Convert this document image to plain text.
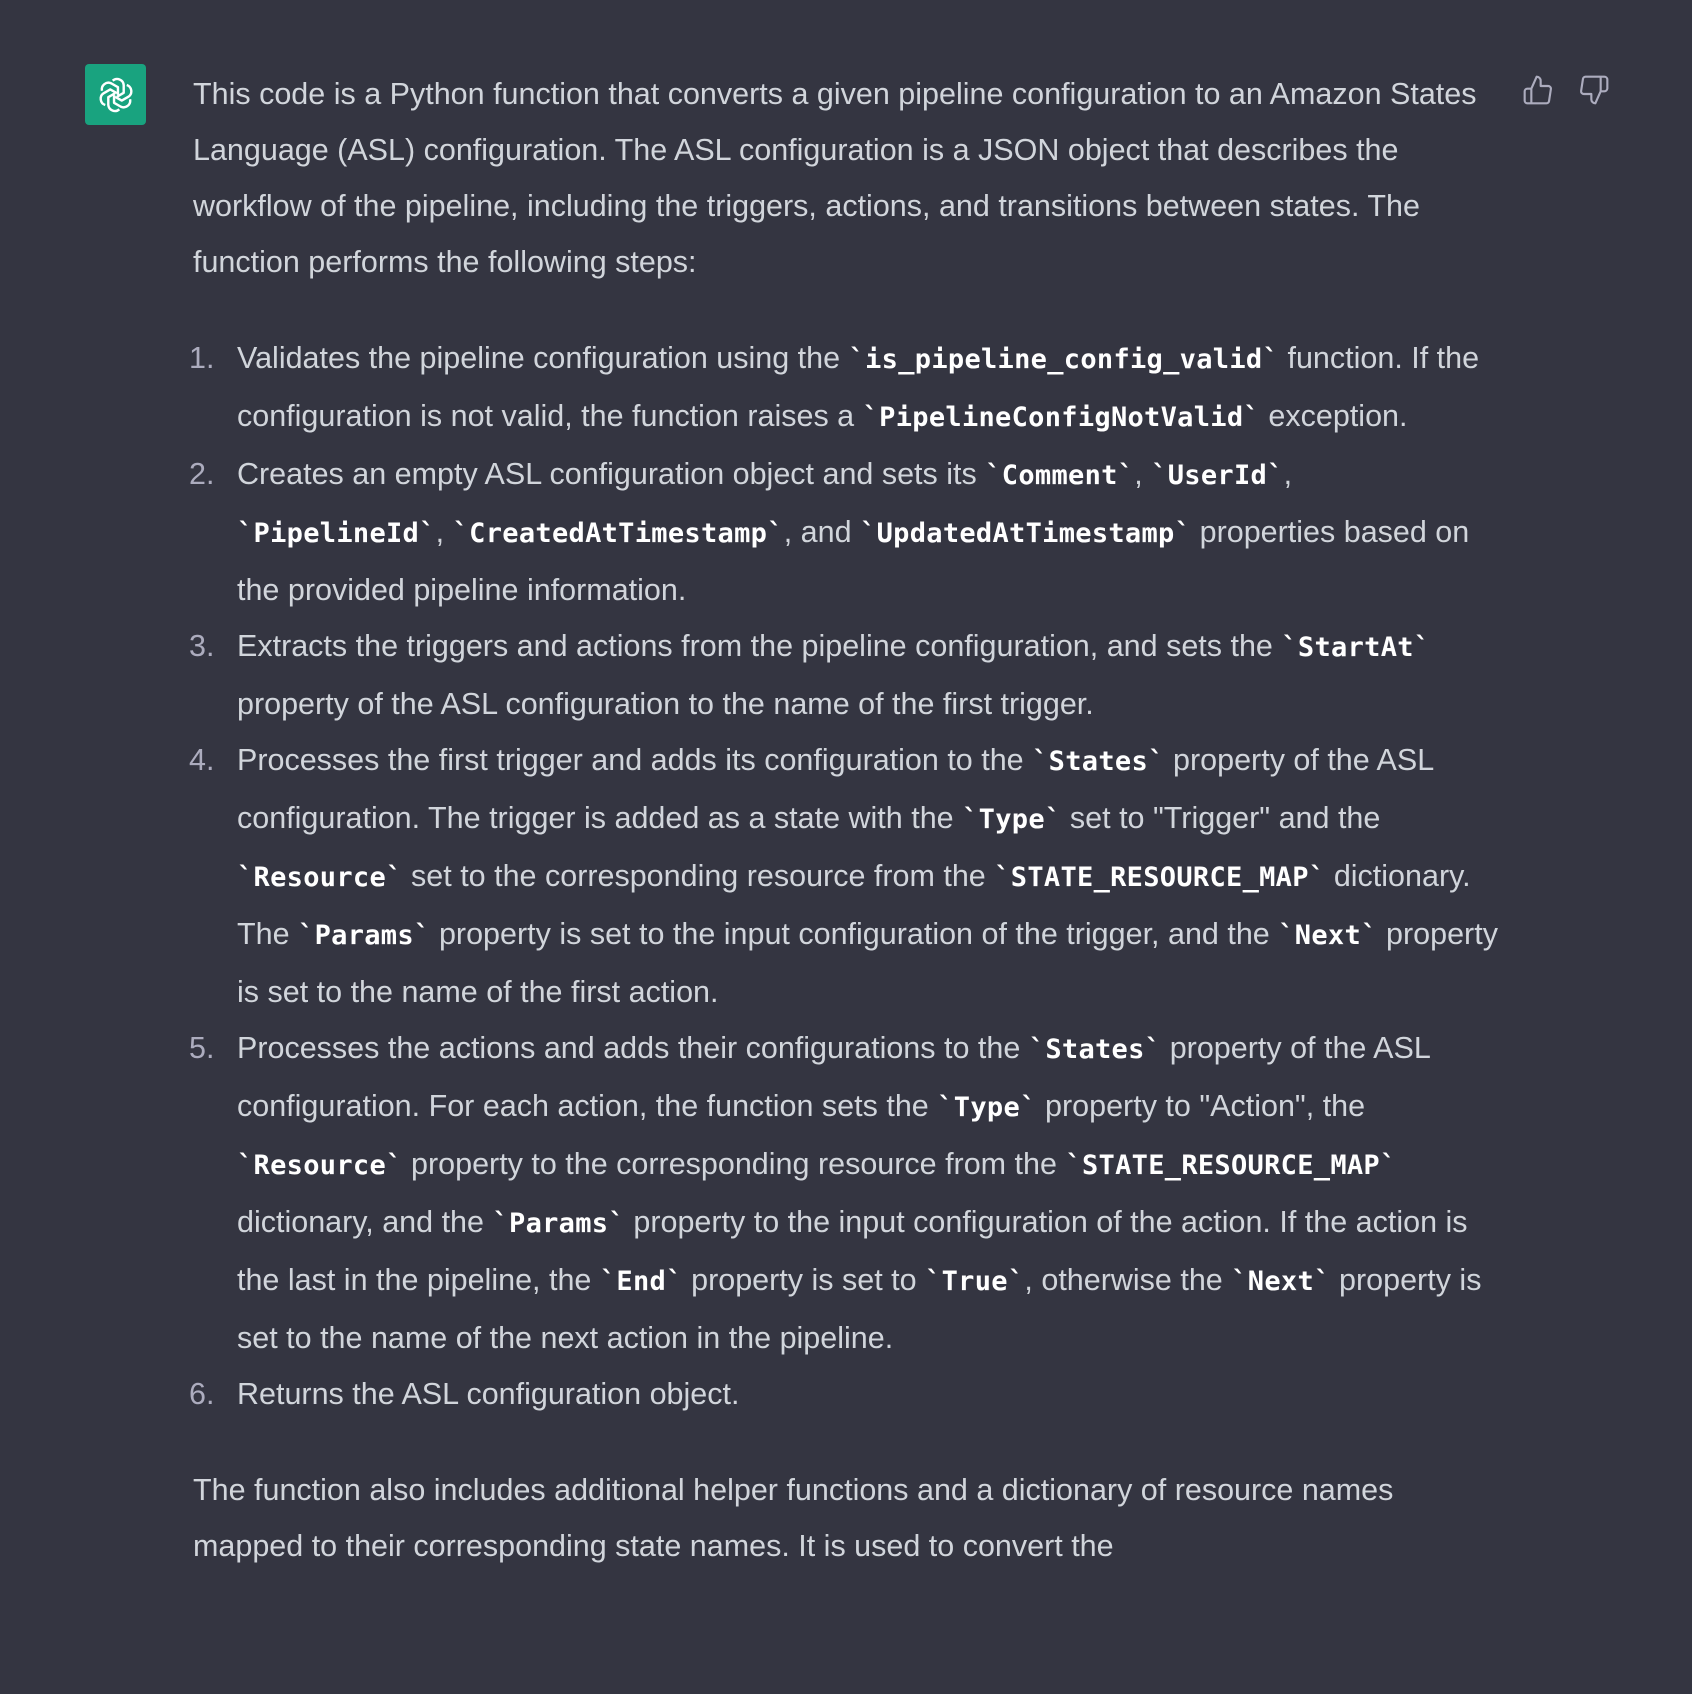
This code is a Python function that converts a given pipeline configuration to an Amazon States Language (ASL) configuration. The ASL configuration is a JSON object that describes the workflow of the pipeline, including the triggers, actions, and transitions between states. The function performs the following steps:

1. Validates the pipeline configuration using the `is_pipeline_config_valid` function. If the configuration is not valid, the function raises a `PipelineConfigNotValid` exception.
2. Creates an empty ASL configuration object and sets its `Comment`, `UserId`, `PipelineId`, `CreatedAtTimestamp`, and `UpdatedAtTimestamp` properties based on the provided pipeline information.
3. Extracts the triggers and actions from the pipeline configuration, and sets the `StartAt` property of the ASL configuration to the name of the first trigger.
4. Processes the first trigger and adds its configuration to the `States` property of the ASL configuration. The trigger is added as a state with the `Type` set to "Trigger" and the `Resource` set to the corresponding resource from the `STATE_RESOURCE_MAP` dictionary. The `Params` property is set to the input configuration of the trigger, and the `Next` property is set to the name of the first action.
5. Processes the actions and adds their configurations to the `States` property of the ASL configuration. For each action, the function sets the `Type` property to "Action", the `Resource` property to the corresponding resource from the `STATE_RESOURCE_MAP` dictionary, and the `Params` property to the input configuration of the action. If the action is the last in the pipeline, the `End` property is set to `True`, otherwise the `Next` property is set to the name of the next action in the pipeline.
6. Returns the ASL configuration object.

The function also includes additional helper functions and a dictionary of resource names mapped to their corresponding state names. It is used to convert the
